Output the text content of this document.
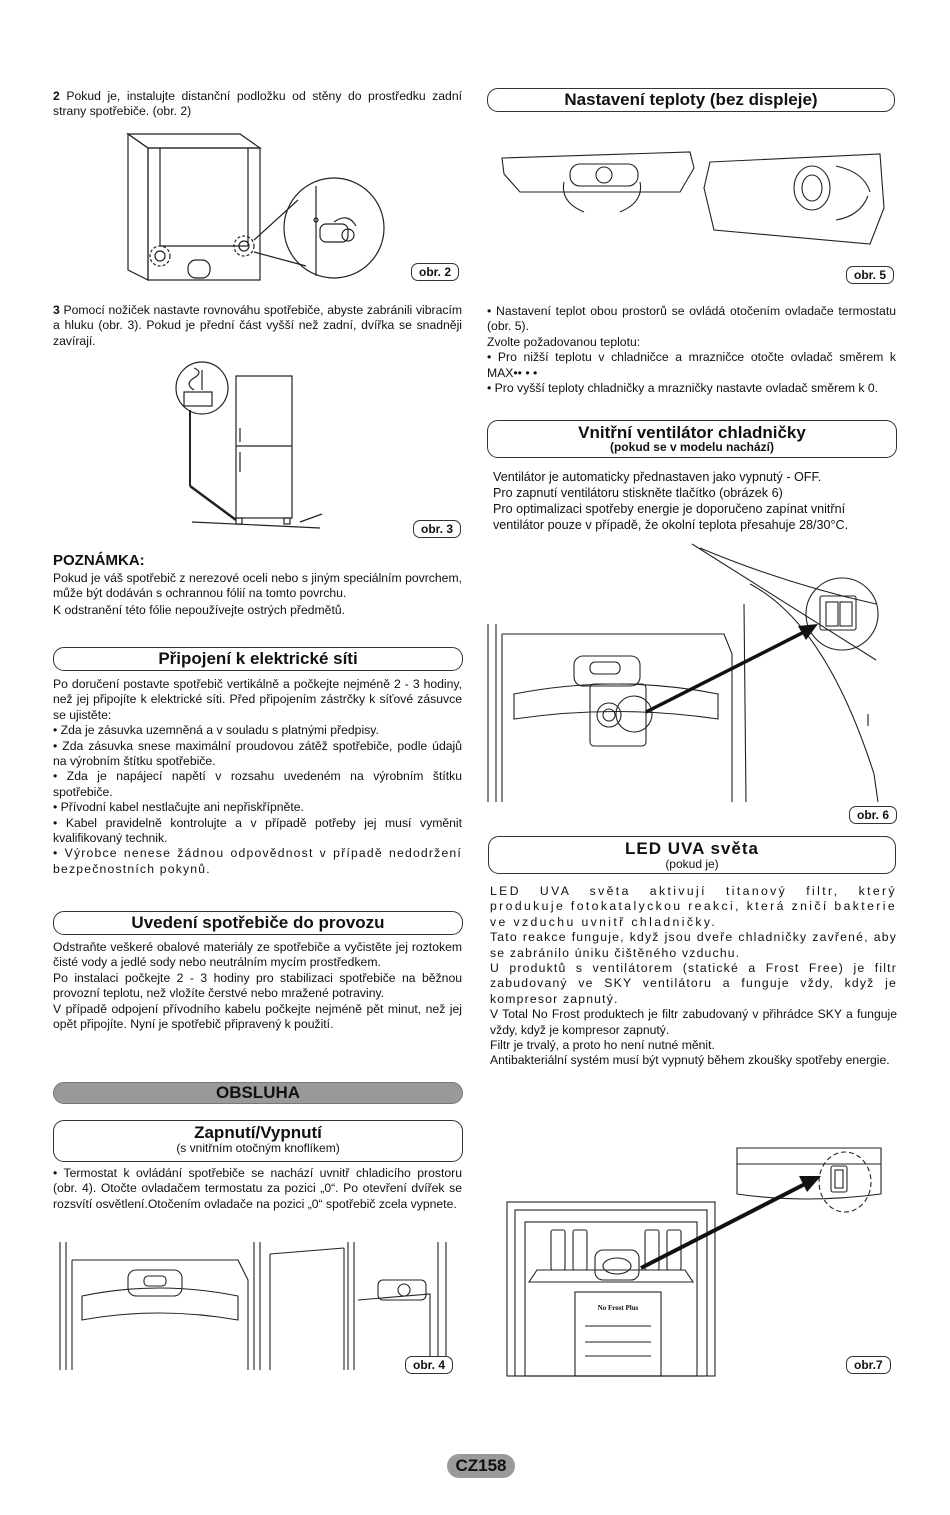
2 Pokud je, instalujte distanční podložku od stěny do prostředku zadní strany spotřebiče. (obr. 2)

obr. 2

3 Pomocí nožiček nastavte rovnováhu spotřebiče, abyste zabránili vibracím a hluku (obr. 3). Pokud je přední část vyšší než zadní, dvířka se snadněji zavírají.

obr. 3
POZNÁMKA:

Pokud je váš spotřebič z nerezové oceli nebo s jiným speciálním povrchem, může být dodáván s ochrannou fólií na tomto povrchu.

K odstranění této fólie nepoužívejte ostrých předmětů.

Připojení k elektrické síti

Po doručení postavte spotřebič vertikálně a počkejte nejméně 2 - 3 hodiny, než jej připojíte k elektrické síti. Před připojením zástrčky k síťové zásuvce se ujistěte:

• Zda je zásuvka uzemněná a v souladu s platnými předpisy.

• Zda zásuvka snese maximální proudovou zátěž spotřebiče, podle údajů na výrobním štítku spotřebiče.

• Zda je napájecí napětí v rozsahu uvedeném na výrobním štítku spotřebiče.

• Přívodní kabel nestlačujte ani nepřiskřípněte.

• Kabel pravidelně kontrolujte a v případě potřeby jej musí vyměnit kvalifikovaný technik.

• Výrobce nenese žádnou odpovědnost v případě nedodržení bezpečnostních pokynů.

Uvedení spotřebiče do provozu

Odstraňte veškeré obalové materiály ze spotřebiče a vyčistěte jej roztokem čisté vody a jedlé sody nebo neutrálním mycím prostředkem.

Po instalaci počkejte 2 - 3 hodiny pro stabilizaci spotřebiče na běžnou provozní teplotu, než vložíte čerstvé nebo mražené potraviny.

V případě odpojení přívodního kabelu počkejte nejméně pět minut, než jej opět připojíte. Nyní je spotřebič připravený k použití.

OBSLUHA
Zapnutí/Vypnutí
(s vnitřním otočným knoflíkem)

• Termostat k ovládání spotřebiče se nachází uvnitř chladicího prostoru (obr. 4). Otočte ovladačem termostatu za pozici „0“. Po otevření dvířek se rozsvítí osvětlení.Otočením ovladače na pozici „0“ spotřebič zcela vypnete.

obr. 4
Nastavení teploty (bez displeje)
obr. 5

• Nastavení teplot obou prostorů se ovládá otočením ovladače termostatu (obr. 5).

Zvolte požadovanou teplotu:

• Pro nižší teplotu v chladničce a mrazničce otočte ovladač směrem k MAX•• • •

• Pro vyšší teploty chladničky a mrazničky nastavte ovladač směrem k 0.

Vnitřní ventilátor chladničky
(pokud se v modelu nachází)
Ventilátor je automaticky přednastaven jako vypnutý - OFF.
Pro zapnutí ventilátoru stiskněte tlačítko (obrázek 6)
Pro optimalizaci spotřeby energie je doporučeno zapínat vnitřní
ventilátor pouze v případě, že okolní teplota přesahuje 28/30°C.
obr. 6
LED UVA světa
(pokud je)

LED UVA světa aktivují titanový filtr, který produkuje fotokatalyckou reakci, která zničí bakterie ve vzduchu uvnitř chladničky.

Tato reakce funguje, když jsou dveře chladničky zavřené, aby se zabránilo úniku čištěného vzduchu.

U produktů s ventilátorem (statické a Frost Free) je filtr zabudovaný ve SKY ventilátoru a funguje vždy, když je kompresor zapnutý.

V Total No Frost produktech je filtr zabudovaný v přihrádce SKY a funguje vždy, když je kompresor zapnutý.

Filtr je trvalý, a proto ho není nutné měnit.

Antibakteriální systém musí být vypnutý během zkoušky spotřeby energie.

No Frost Plus
obr.7
CZ158
